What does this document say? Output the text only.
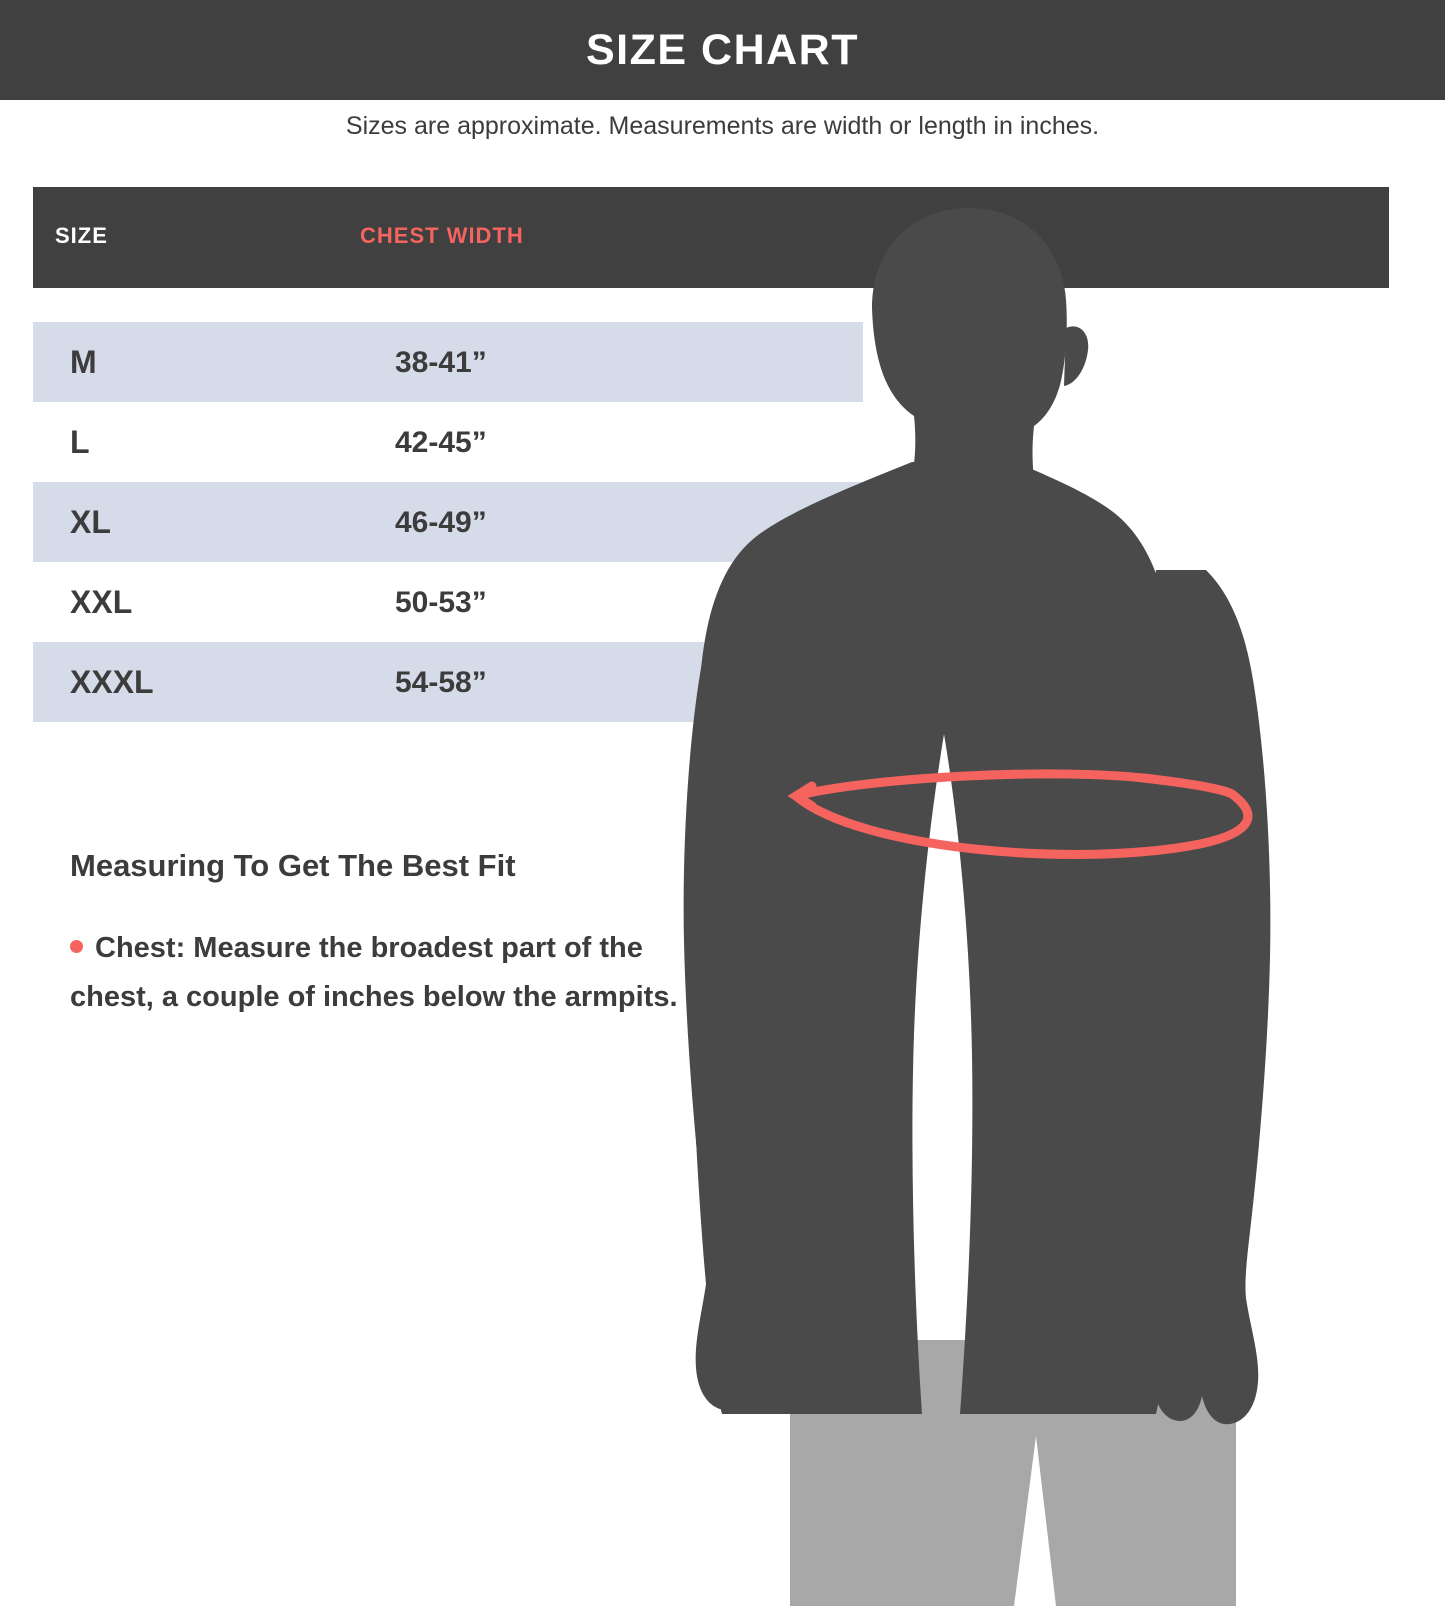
SIZE CHART
Sizes are approximate. Measurements are width or length in inches.
SIZE	CHEST WIDTH
M	38-41”
L	42-45”
XL	46-49”
XXL	50-53”
XXXL	54-58”
Measuring To Get The Best Fit
Chest: Measure the broadest part of the chest, a couple of inches below the armpits.
